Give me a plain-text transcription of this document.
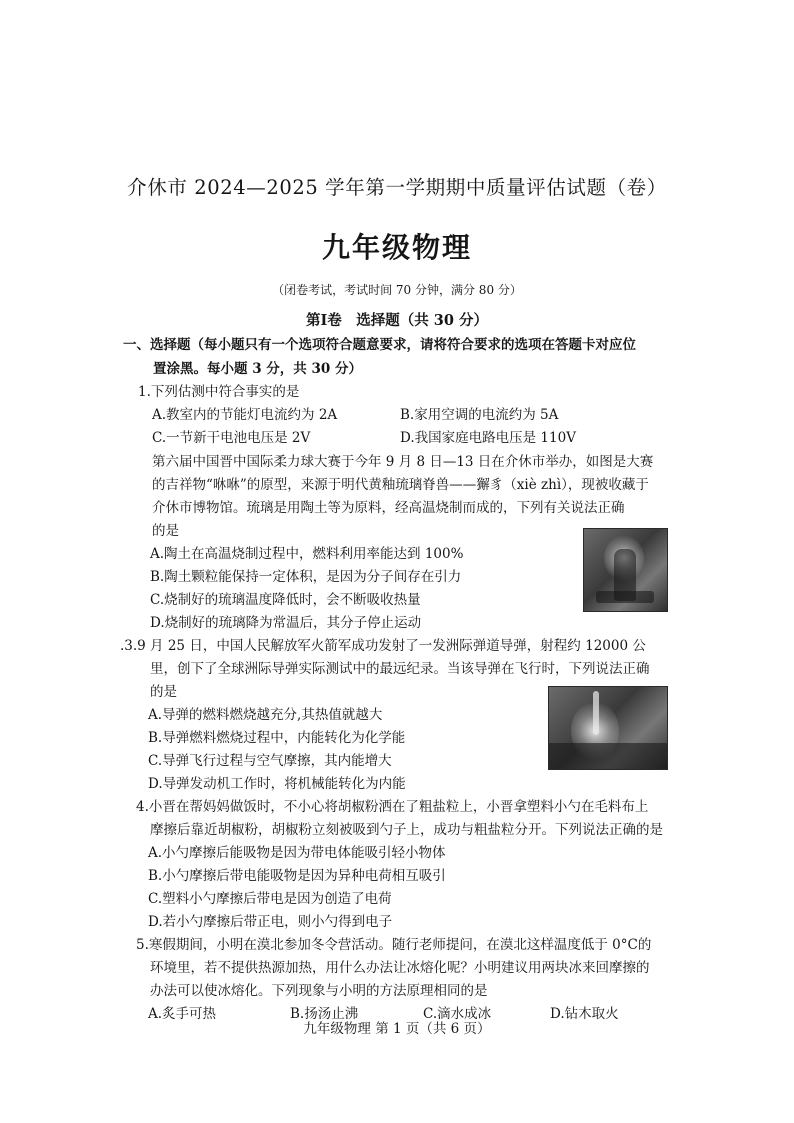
介休市 2024—2025 学年第一学期期中质量评估试题（卷）
九年级物理
（闭卷考试，考试时间 70 分钟，满分 80 分）
第Ⅰ卷　选择题（共 30 分）
一、选择题（每小题只有一个选项符合题意要求，请将符合要求的选项在答题卡对应位
置涂黑。每小题 3 分，共 30 分）
1.下列估测中符合事实的是
A.教室内的节能灯电流约为 2A	B.家用空调的电流约为 5A
C.一节新干电池电压是 2V	D.我国家庭电路电压是 110V
第六届中国晋中国际柔力球大赛于今年 9 月 8 日—13 日在介休市举办，如图是大赛
的吉祥物“咻咻”的原型，来源于明代黄釉琉璃脊兽——獬豸（xiè zhì），现被收藏于
介休市博物馆。琉璃是用陶土等为原料，经高温烧制而成的，下列有关说法正确
的是
A.陶土在高温烧制过程中，燃料利用率能达到 100%
B.陶土颗粒能保持一定体积，是因为分子间存在引力
C.烧制好的琉璃温度降低时，会不断吸收热量
D.烧制好的琉璃降为常温后，其分子停止运动
.3.9 月 25 日，中国人民解放军火箭军成功发射了一发洲际弹道导弹，射程约 12000 公
里，创下了全球洲际导弹实际测试中的最远纪录。当该导弹在飞行时，下列说法正确
的是
A.导弹的燃料燃烧越充分,其热值就越大
B.导弹燃料燃烧过程中，内能转化为化学能
C.导弹飞行过程与空气摩擦，其内能增大
D.导弹发动机工作时，将机械能转化为内能
4.小晋在帮妈妈做饭时，不小心将胡椒粉洒在了粗盐粒上，小晋拿塑料小勺在毛料布上
摩擦后靠近胡椒粉，胡椒粉立刻被吸到勺子上，成功与粗盐粒分开。下列说法正确的是
A.小勺摩擦后能吸物是因为带电体能吸引轻小物体
B.小勺摩擦后带电能吸物是因为异种电荷相互吸引
C.塑料小勺摩擦后带电是因为创造了电荷
D.若小勺摩擦后带正电，则小勺得到电子
5.寒假期间，小明在漠北参加冬令营活动。随行老师提问，在漠北这样温度低于 0°C的
环境里，若不提供热源加热，用什么办法让冰熔化呢？小明建议用两块冰来回摩擦的
办法可以使冰熔化。下列现象与小明的方法原理相同的是
A.炙手可热	B.扬汤止沸	C.滴水成冰	D.钻木取火
九年级物理 第 1 页（共 6 页）
